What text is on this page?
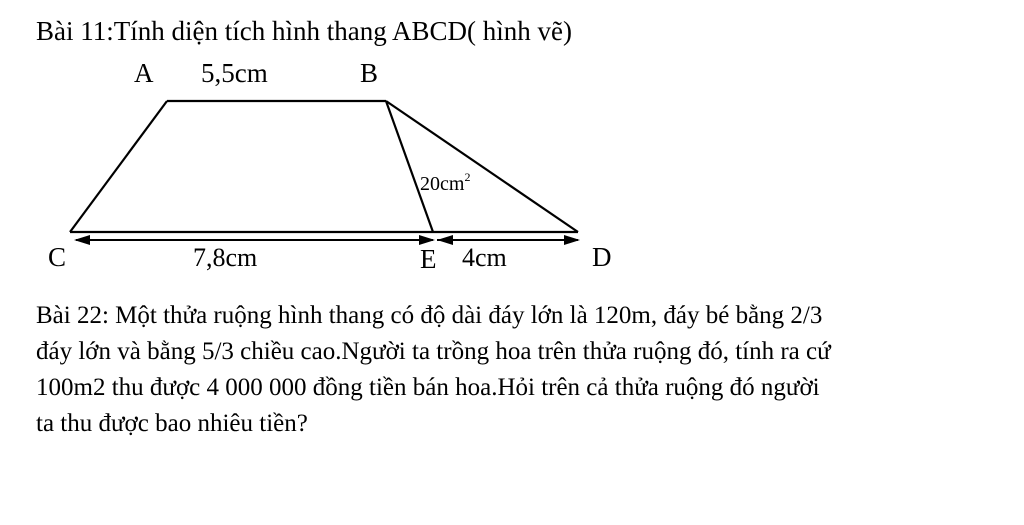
Bài 11:Tính diện tích hình thang ABCD( hình vẽ)
A	B
C	E	D
5,5cm
7,8cm	4cm
$20cm^2$
Bài 22: Một thửa ruộng hình thang có độ dài đáy lớn là 120m, đáy bé bằng 2/3
đáy lớn và bằng 5/3 chiều cao.Người ta trồng hoa trên thửa ruộng đó, tính ra cứ
100m2 thu được 4 000 000 đồng tiền bán hoa.Hỏi trên cả thửa ruộng đó người
ta thu được bao nhiêu tiền?
